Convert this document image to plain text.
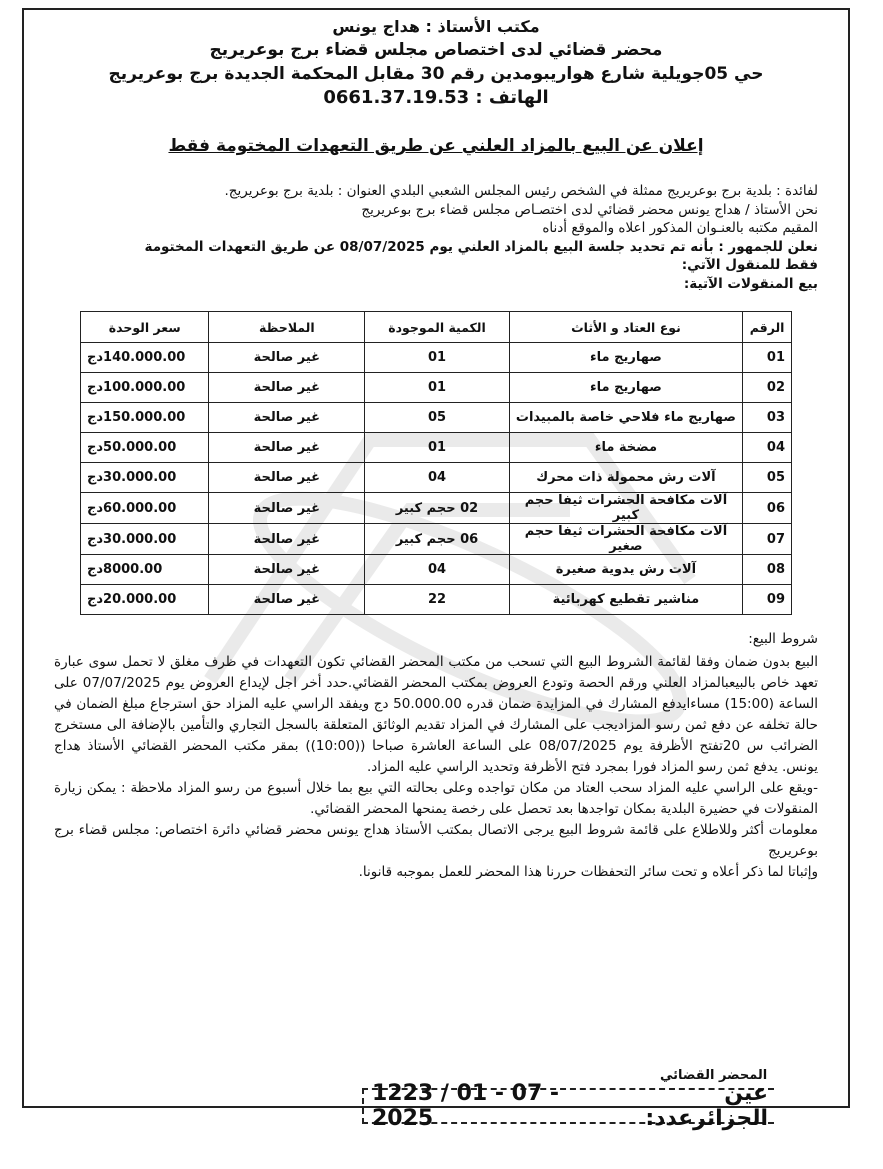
مكتب الأستاذ : هداج يونس
محضر قضائي لدى اختصاص مجلس قضاء برج بوعريريج
حي 05جويلية شارع هواريبومدين رقم 30 مقابل المحكمة الجديدة برج بوعريريج
الهاتف : 0661.37.19.53
إعلان عن البيع بالمزاد العلني عن طريق التعهدات المختومة فقط
لفائدة : بلدية برج بوعريريج ممثلة في الشخص رئيس المجلس الشعبي البلدي العنوان : بلدية برج بوعريريج.
نحن الأستاذ / هداج يونس محضر قضائي لدى اختصـاص مجلس قضاء برج بوعريريج
المقيم مكتبه بالعنـوان المذكور اعلاه والموقع أدناه
نعلن للجمهور : بأنه تم تحديد جلسة البيع بالمزاد العلني يوم 08/07/2025 عن طريق التعهدات المختومة
فقط للمنقول الآتي:
بيع المنقولات الآتية:
الرقم	نوع العتاد و الأثاث	الكمية الموجودة	الملاحظة	سعر الوحدة
01	صهاريج ماء	01	غير صالحة	140.000.00دج
02	صهاريج ماء	01	غير صالحة	100.000.00دج
03	صهاريج ماء فلاحي خاصة بالمبيدات	05	غير صالحة	150.000.00دج
04	مضخة ماء	01	غير صالحة	50.000.00دج
05	آلات رش محمولة ذات محرك	04	غير صالحة	30.000.00دج
06	آلات مكافحة الحشرات ثيفا حجم كبير	02 حجم كبير	غير صالحة	60.000.00دج
07	آلات مكافحة الحشرات ثيفا حجم صغير	06 حجم كبير	غير صالحة	30.000.00دج
08	آلات رش يدوية صغيرة	04	غير صالحة	8000.00دج
09	مناشير تقطيع كهربائية	22	غير صالحة	20.000.00دج
شروط البيع:

البيع بدون ضمان وفقا لقائمة الشروط البيع التي تسحب من مكتب المحضر القضائي تكون التعهدات في ظرف مغلق لا تحمل سوى عبارة تعهد خاص بالبيعبالمزاد العلني ورقم الحصة وتودع العروض بمكتب المحضر القضائي.حدد أخر اجل لإيداع العروض يوم 07/07/2025 على الساعة (15:00) مساءايدفع المشارك في المزايدة ضمان قدره 50.000.00 دج ويفقد الراسي عليه المزاد حق استرجاع مبلغ الضمان في حالة تخلفه عن دفع ثمن رسو المزاديجب على المشارك في المزاد تقديم الوثائق المتعلقة بالسجل التجاري والتأمين بالإضافة الى مستخرج الضرائب س 20تفتح الأظرفة يوم 08/07/2025 على الساعة العاشرة صباحا ((10:00)) بمقر مكتب المحضر القضائي الأستاذ هداج يونس. يدفع ثمن رسو المزاد فورا بمجرد فتح الأظرفة وتحديد الراسي عليه المزاد.

-ويقع على الراسي عليه المزاد سحب العتاد من مكان تواجده وعلى بحالته التي بيع بما خلال أسبوع من رسو المزاد ملاحظة : يمكن زيارة المنقولات في حضيرة البلدية بمكان تواجدها بعد تحصل على رخصة يمنحها المحضر القضائي.

معلومات أكثر وللاطلاع على قائمة شروط البيع يرجى الاتصال بمكتب الأستاذ هداج يونس محضر قضائي دائرة اختصاص: مجلس قضاء برج بوعريريج

وإثباتا لما ذكر أعلاه و تحت سائر التحفظات حررنا هذا المحضر للعمل بموجبه قانونا.

المحضر القضائي
عين الجزائرعدد:
1223 / 01 - 07 - 2025
